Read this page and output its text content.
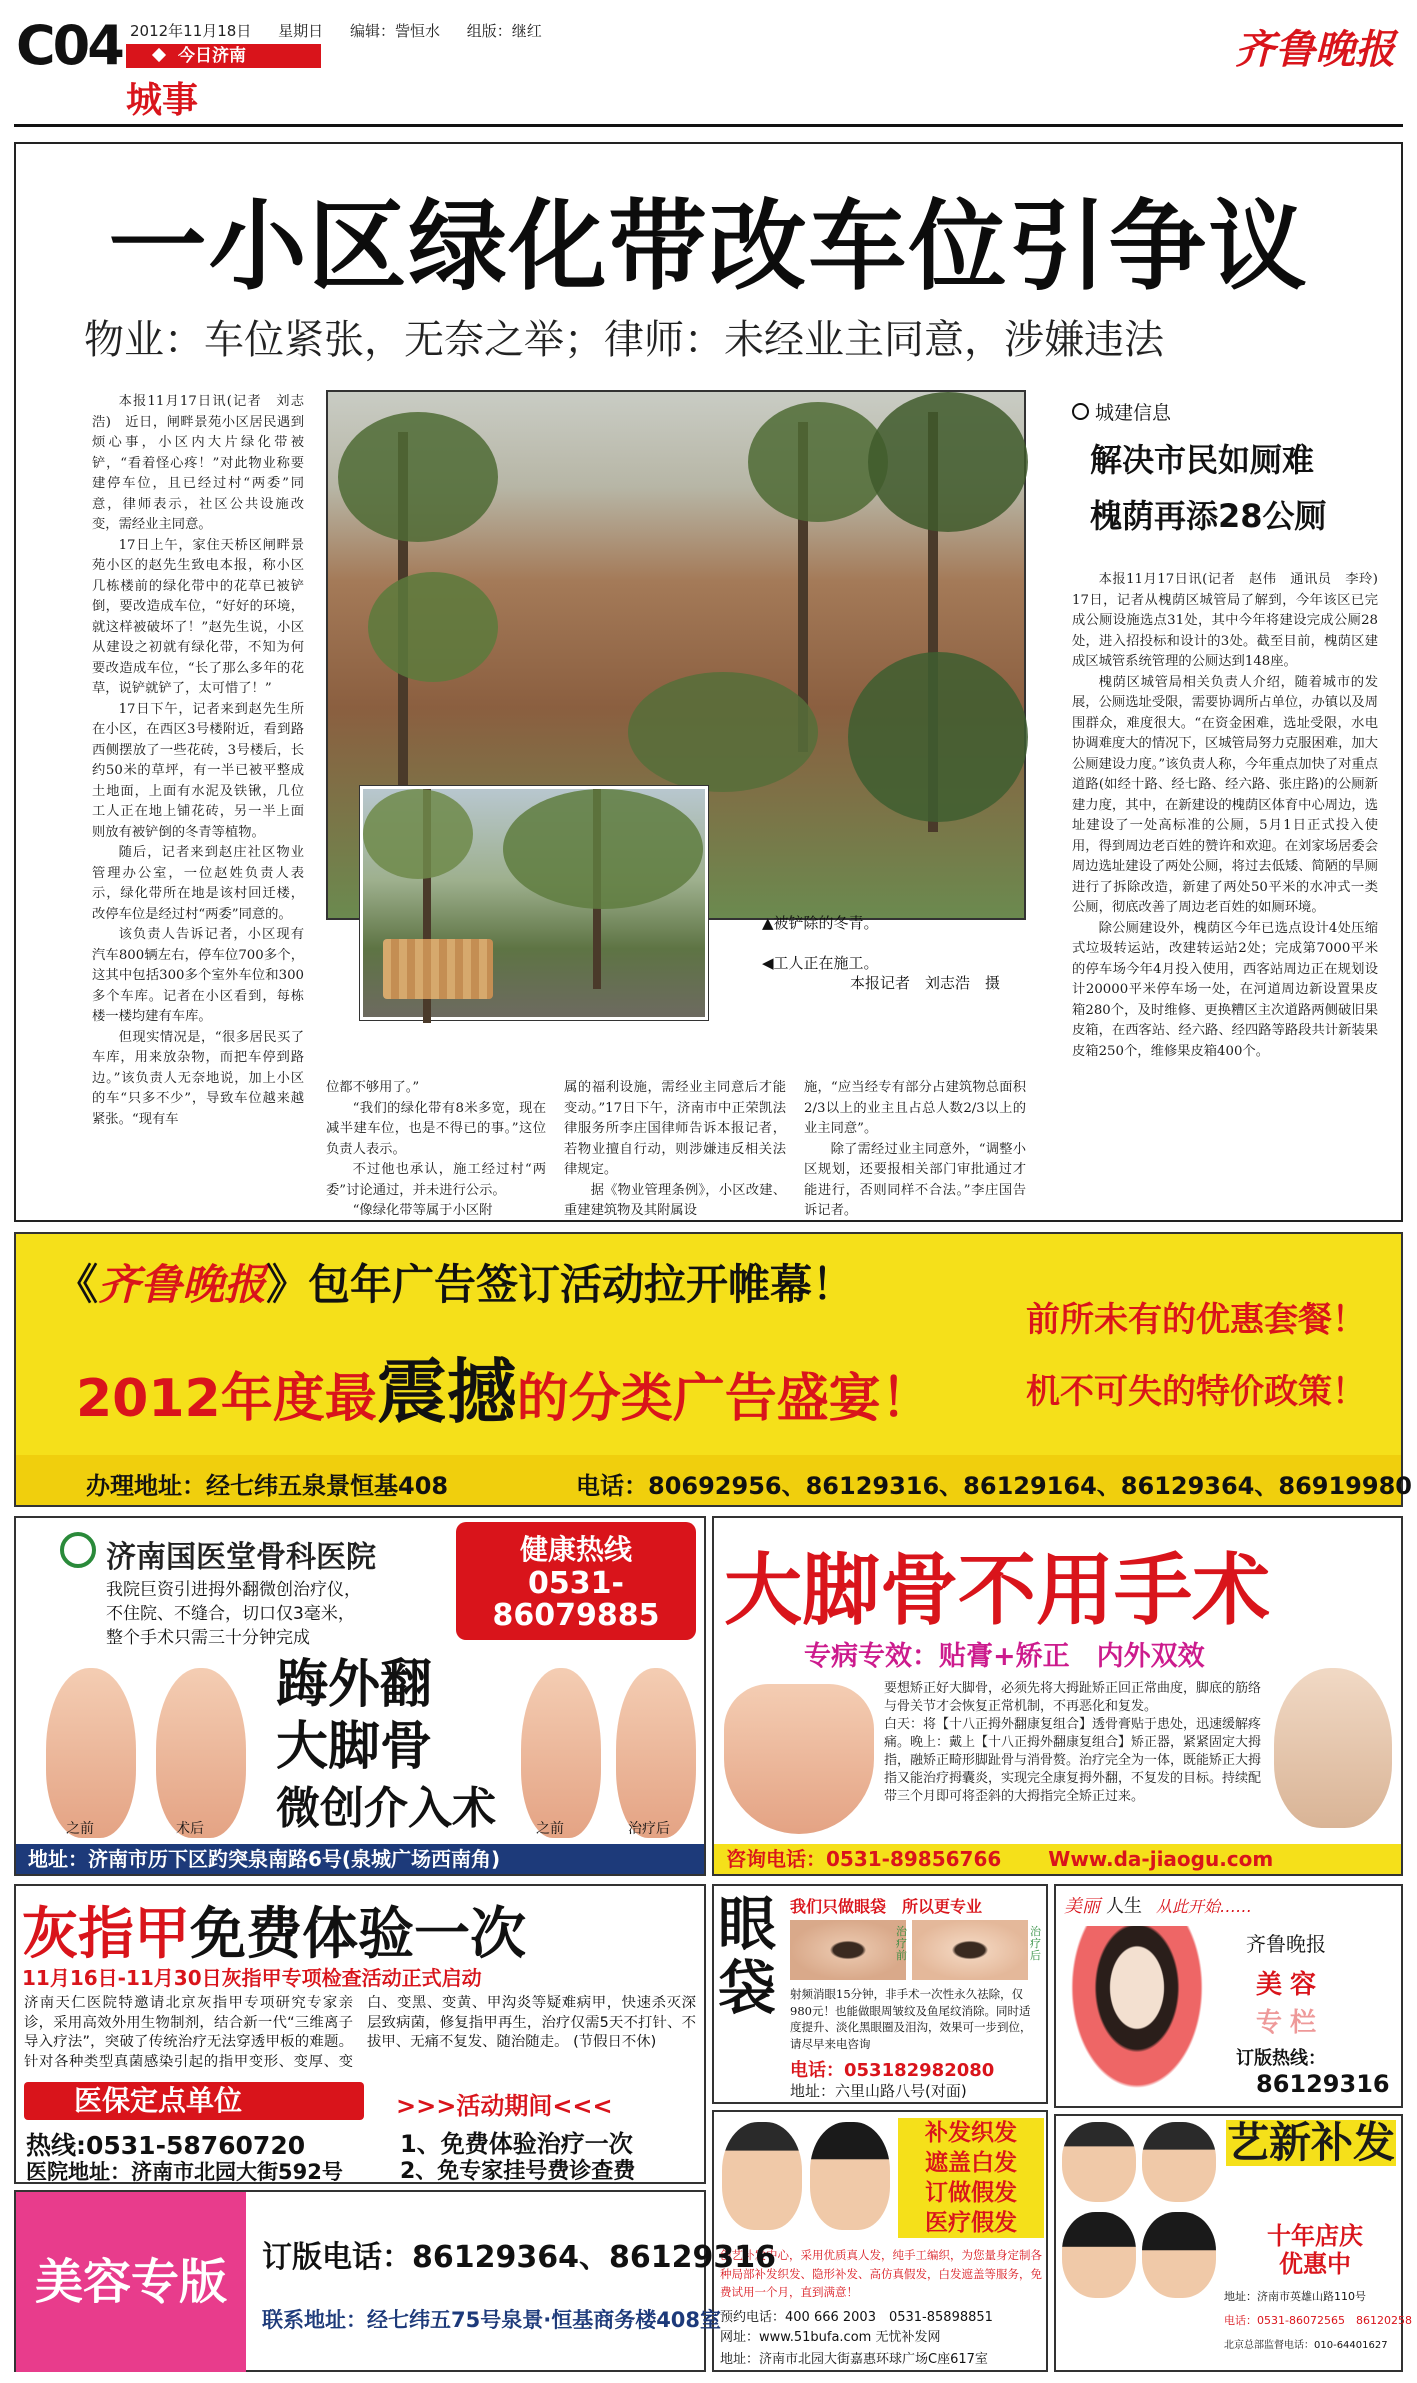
C04 2012年11月18日 星期日 编辑：訾恒水 组版：继红
今日济南
城事
齐鲁晚报
一小区绿化带改车位引争议
物业：车位紧张，无奈之举；律师：未经业主同意，涉嫌违法

本报11月17日讯(记者　刘志浩)　近日，闸畔景苑小区居民遇到烦心事，小区内大片绿化带被铲，“看着怪心疼！”对此物业称要建停车位，且已经过村“两委”同意，律师表示，社区公共设施改变，需经业主同意。

17日上午，家住天桥区闸畔景苑小区的赵先生致电本报，称小区几栋楼前的绿化带中的花草已被铲倒，要改造成车位，“好好的环境，就这样被破坏了！”赵先生说，小区从建设之初就有绿化带，不知为何要改造成车位，“长了那么多年的花草，说铲就铲了，太可惜了！”

17日下午，记者来到赵先生所在小区，在西区3号楼附近，看到路西侧摆放了一些花砖，3号楼后，长约50米的草坪，有一半已被平整成土地面，上面有水泥及铁锹，几位工人正在地上铺花砖，另一半上面则放有被铲倒的冬青等植物。

随后，记者来到赵庄社区物业管理办公室，一位赵姓负责人表示，绿化带所在地是该村回迁楼，改停车位是经过村“两委”同意的。

该负责人告诉记者，小区现有汽车800辆左右，停车位700多个，这其中包括300多个室外车位和300多个车库。记者在小区看到，每栋楼一楼均建有车库。

但现实情况是，“很多居民买了车库，用来放杂物，而把车停到路边。”该负责人无奈地说，加上小区的车“只多不少”，导致车位越来越紧张。“现有车

▲被铲除的冬青。
◀工人正在施工。
本报记者　刘志浩　摄

位都不够用了。”

“我们的绿化带有8米多宽，现在减半建车位，也是不得已的事。”这位负责人表示。

不过他也承认，施工经过村“两委”讨论通过，并未进行公示。

“像绿化带等属于小区附

属的福利设施，需经业主同意后才能变动。”17日下午，济南市中正荣凯法律服务所李庄国律师告诉本报记者，若物业擅自行动，则涉嫌违反相关法律规定。

据《物业管理条例》，小区改建、重建建筑物及其附属设

施，“应当经专有部分占建筑物总面积2/3以上的业主且占总人数2/3以上的业主同意”。

除了需经过业主同意外，“调整小区规划，还要报相关部门审批通过才能进行，否则同样不合法。”李庄国告诉记者。

城建信息
解决市民如厕难
槐荫再添28公厕

本报11月17日讯(记者　赵伟　通讯员　李玲)　17日，记者从槐荫区城管局了解到，今年该区已完成公厕设施选点31处，其中今年将建设完成公厕28处，进入招投标和设计的3处。截至目前，槐荫区建成区城管系统管理的公厕达到148座。

槐荫区城管局相关负责人介绍，随着城市的发展，公厕选址受限，需要协调所占单位，办镇以及周围群众，难度很大。“在资金困难，选址受限，水电协调难度大的情况下，区城管局努力克服困难，加大公厕建设力度。”该负责人称，今年重点加快了对重点道路(如经十路、经七路、经六路、张庄路)的公厕新建力度，其中，在新建设的槐荫区体育中心周边，选址建设了一处高标准的公厕，5月1日正式投入使用，得到周边老百姓的赞许和欢迎。在刘家场居委会周边选址建设了两处公厕，将过去低矮、简陋的旱厕进行了拆除改造，新建了两处50平米的水冲式一类公厕，彻底改善了周边老百姓的如厕环境。

除公厕建设外，槐荫区今年已选点设计4处压缩式垃圾转运站，改建转运站2处；完成第7000平米的停车场今年4月投入使用，西客站周边正在规划设计20000平米停车场一处，在河道周边新设置果皮箱280个，及时维修、更换糟区主次道路两侧破旧果皮箱，在西客站、经六路、经四路等路段共计新装果皮箱250个，维修果皮箱400个。

《齐鲁晚报》包年广告签订活动拉开帷幕！
2012年度最震撼的分类广告盛宴！
前所未有的优惠套餐！
机不可失的特价政策！
办理地址：经七纬五泉景恒基408	电话：80692956、86129316、86129164、86129364、86919980
济南国医堂骨科医院
我院巨资引进拇外翻微创治疗仪，
不住院、不缝合，切口仅3毫米，
整个手术只需三十分钟完成
健康热线
0531-
86079885
之前	术后
踇外翻
大脚骨
微创介入术	之前	治疗后
地址：济南市历下区趵突泉南路6号(泉城广场西南角)
大脚骨不用手术
专病专效：贴膏+矫正　内外双效
要想矫正好大脚骨，必须先将大拇趾矫正回正常曲度，脚底的筋络与骨关节才会恢复正常机制，不再恶化和复发。
白天：将【十八正拇外翻康复组合】透骨膏贴于患处，迅速缓解疼痛。晚上：戴上【十八正拇外翻康复组合】矫正器，紧紧固定大拇指，融矫正畸形脚趾骨与消骨赘。治疗完全为一体，既能矫正大拇指又能治疗拇囊炎，实现完全康复拇外翻，不复发的目标。持续配带三个月即可将歪斜的大拇指完全矫正过来。
咨询电话：0531-89856766 Www.da-jiaogu.com
灰指甲免费体验一次
11月16日-11月30日灰指甲专项检查活动正式启动
济南天仁医院特邀请北京灰指甲专项研究专家亲诊，采用高效外用生物制剂，结合新一代“三维离子导入疗法”，突破了传统治疗无法穿透甲板的难题。针对各种类型真菌感染引起的指甲变形、变厚、变白、变黑、变黄、甲沟炎等疑难病甲，快速杀灭深层致病菌，修复指甲再生，治疗仅需5天不打针、不拔甲、无痛不复发、随治随走。 (节假日不休)
医保定点单位	>>>活动期间<<<
热线:0531-58760720
医院地址：济南市北园大街592号
1、免费体验治疗一次
2、免专家挂号费诊查费
眼袋
我们只做眼袋　所以更专业
治疗前
治疗后
射频消眼15分钟，非手术一次性永久祛除，仅980元！也能做眼周皱纹及鱼尾纹消除。同时适度提升、淡化黑眼圈及泪沟，效果可一步到位，请尽早来电咨询
电话：053182982080
地址：六里山路八号(对面)
美丽 人生 从此开始……
齐鲁晚报
美容
专栏
订版热线：
86129316
补发织发
遮盖白发
订做假发
医疗假发
创艺补发中心，采用优质真人发，纯手工编织，为您量身定制各种局部补发织发、隐形补发、高仿真假发，白发遮盖等服务，免费试用一个月，直到满意！
预约电话：400 666 2003　0531-85898851
网址：www.51bufa.com 无忧补发网
地址：济南市北园大街嘉惠环球广场C座617室
艺新补发
十年店庆
优惠中
地址：济南市英雄山路110号
电话：0531-86072565　86120258
北京总部监督电话：010-64401627
美容专版	订版电话：86129364、86129316
联系地址：经七纬五75号泉景·恒基商务楼408室
